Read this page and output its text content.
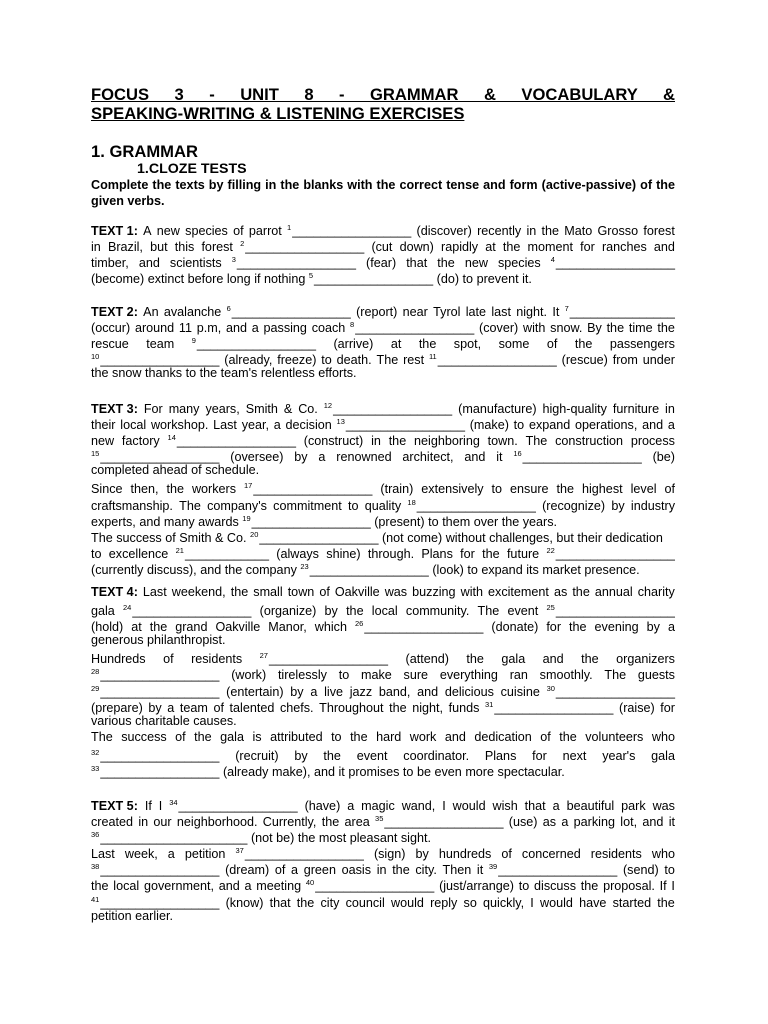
FOCUS 3 - UNIT 8 - GRAMMAR & VOCABULARY &
SPEAKING-WRITING & LISTENING EXERCISES
1. GRAMMAR
1.CLOZE TESTS
Complete the texts by filling in the blanks with the correct tense and form (active-passive) of the given verbs.
TEXT 1: A new species of parrot $^1$_________________ (discover) recently in the Mato Grosso forest
in Brazil, but this forest $^2$_________________ (cut down) rapidly at the moment for ranches and
timber, and scientists $^3$_________________ (fear) that the new species $^4$_________________
(become) extinct before long if nothing $^5$_________________ (do) to prevent it.
TEXT 2: An avalanche $^6$_________________ (report) near Tyrol late last night. It $^7$_______________
(occur) around 11 p.m, and a passing coach $^8$_________________ (cover) with snow. By the time the
rescue team $^9$_________________ (arrive) at the spot, some of the passengers
$^{10}$_________________ (already, freeze) to death. The rest $^{11}$_________________ (rescue) from under
the snow thanks to the team's relentless efforts.
TEXT 3: For many years, Smith & Co. $^{12}$_________________ (manufacture) high-quality furniture in
their local workshop. Last year, a decision $^{13}$_________________ (make) to expand operations, and a
new factory $^{14}$_________________ (construct) in the neighboring town. The construction process
$^{15}$_________________ (oversee) by a renowned architect, and it $^{16}$_________________ (be)
completed ahead of schedule.
Since then, the workers $^{17}$_________________ (train) extensively to ensure the highest level of
craftsmanship. The company's commitment to quality $^{18}$_________________ (recognize) by industry
experts, and many awards $^{19}$_________________ (present) to them over the years.
The success of Smith & Co. $^{20}$_________________ (not come) without challenges, but their dedication
to excellence $^{21}$____________ (always shine) through. Plans for the future $^{22}$_________________
(currently discuss), and the company $^{23}$_________________ (look) to expand its market presence.
TEXT 4: Last weekend, the small town of Oakville was buzzing with excitement as the annual charity
gala $^{24}$_________________ (organize) by the local community. The event $^{25}$_________________
(hold) at the grand Oakville Manor, which $^{26}$_________________ (donate) for the evening by a
generous philanthropist.
Hundreds of residents $^{27}$_________________ (attend) the gala and the organizers
$^{28}$_________________ (work) tirelessly to make sure everything ran smoothly. The guests
$^{29}$_________________ (entertain) by a live jazz band, and delicious cuisine $^{30}$_________________
(prepare) by a team of talented chefs. Throughout the night, funds $^{31}$_________________ (raise) for
various charitable causes.
The success of the gala is attributed to the hard work and dedication of the volunteers who
$^{32}$_________________ (recruit) by the event coordinator. Plans for next year's gala
$^{33}$_________________ (already make), and it promises to be even more spectacular.
TEXT 5: If I $^{34}$_________________ (have) a magic wand, I would wish that a beautiful park was
created in our neighborhood. Currently, the area $^{35}$_________________ (use) as a parking lot, and it
$^{36}$_____________________ (not be) the most pleasant sight.
Last week, a petition $^{37}$_________________ (sign) by hundreds of concerned residents who
$^{38}$_________________ (dream) of a green oasis in the city. Then it $^{39}$_________________ (send) to
the local government, and a meeting $^{40}$_________________ (just/arrange) to discuss the proposal. If I
$^{41}$_________________ (know) that the city council would reply so quickly, I would have started the
petition earlier.
